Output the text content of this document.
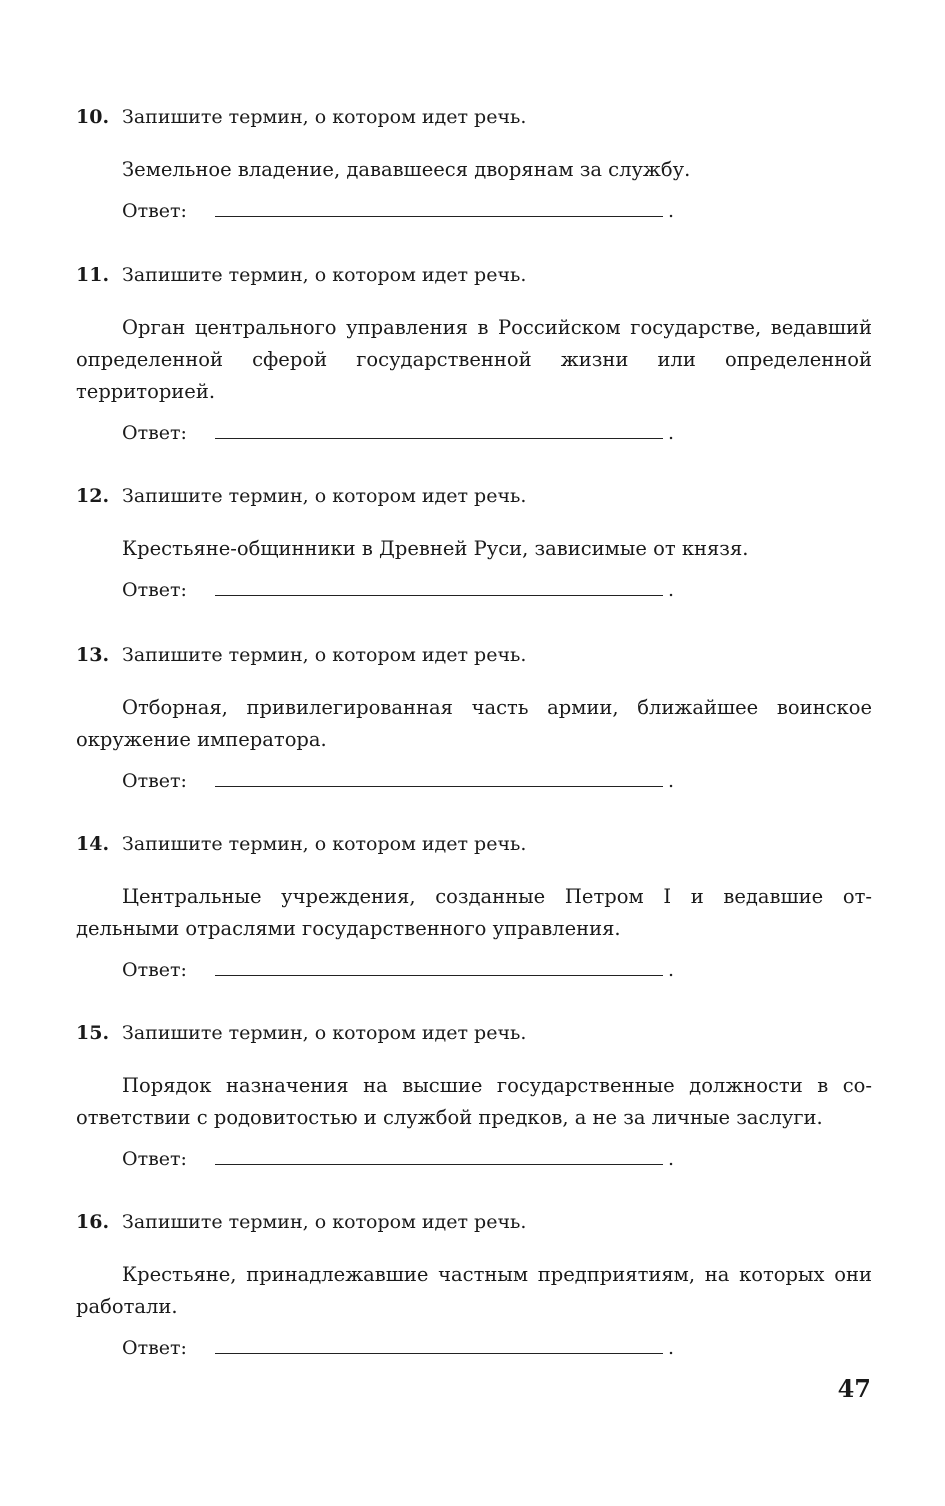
10. Запишите термин, о котором идет речь.
Земельное владение, дававшееся дворянам за службу.
Ответ:	.
11. Запишите термин, о котором идет речь.
Орган центрального управления в Российском государстве, ведавший определенной сферой государственной жизни или определенной территорией.
Ответ:	.
12. Запишите термин, о котором идет речь.
Крестьяне-общинники в Древней Руси, зависимые от князя.
Ответ:	.
13. Запишите термин, о котором идет речь.
Отборная, привилегированная часть армии, ближайшее воинское окружение императора.
Ответ:	.
14. Запишите термин, о котором идет речь.
Центральные учреждения, созданные Петром I и ведавшие отдельными отраслями государственного управления.
Ответ:	.
15. Запишите термин, о котором идет речь.
Порядок назначения на высшие государственные должности в соответствии с родовитостью и службой предков, а не за личные заслуги.
Ответ:	.
16. Запишите термин, о котором идет речь.
Крестьяне, принадлежавшие частным предприятиям, на которых они работали.
Ответ:	.
47
